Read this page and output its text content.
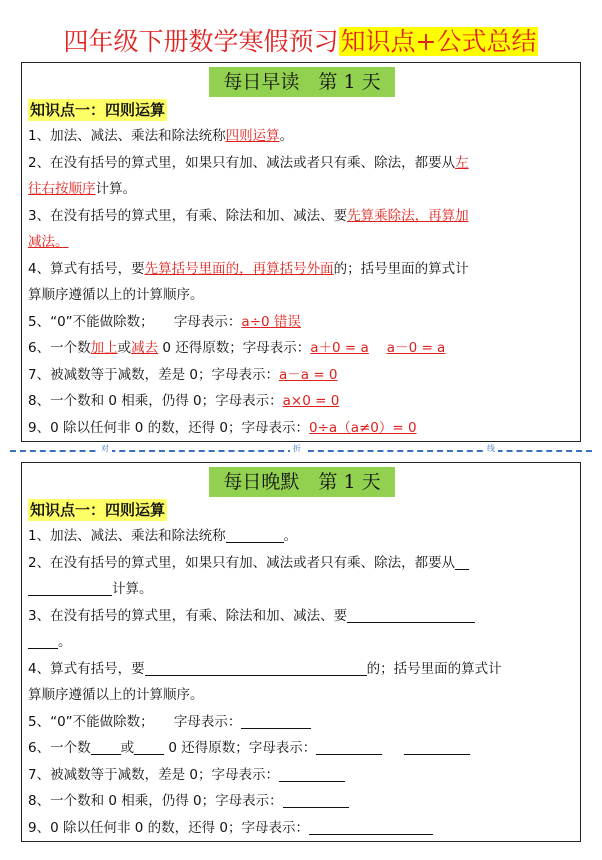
四年级下册数学寒假预习知识点+公式总结
每日早读　第 1 天
知识点一：四则运算
1、加法、减法、乘法和除法统称四则运算。
2、在没有括号的算式里，如果只有加、减法或者只有乘、除法，都要从左
往右按顺序计算。
3、在没有括号的算式里，有乘、除法和加、减法、要先算乘除法，再算加
减法。
4、算式有括号，要先算括号里面的，再算括号外面的；括号里面的算式计
算顺序遵循以上的计算顺序。
5、“0”不能做除数；　　字母表示：a÷0 错误
6、一个数加上或减去 0 还得原数；字母表示：a＋0 = a a－0 = a
7、被减数等于减数，差是 0；字母表示：a－a = 0
8、一个数和 0 相乘，仍得 0；字母表示：a×0 = 0
9、0 除以任何非 0 的数，还得 0；字母表示：0÷a（a≠0）= 0
对	折	线
每日晚默　第 1 天
知识点一：四则运算
1、加法、减法、乘法和除法统称	。
2、在没有括号的算式里，如果只有加、减法或者只有乘、除法，都要从
计算。
3、在没有括号的算式里，有乘、除法和加、减法、要
。
4、算式有括号，要	的；括号里面的算式计
算顺序遵循以上的计算顺序。
5、“0”不能做除数；　　字母表示：
6、一个数 或 0 还得原数；字母表示：
7、被减数等于减数，差是 0；字母表示：
8、一个数和 0 相乘，仍得 0；字母表示：
9、0 除以任何非 0 的数，还得 0；字母表示：
